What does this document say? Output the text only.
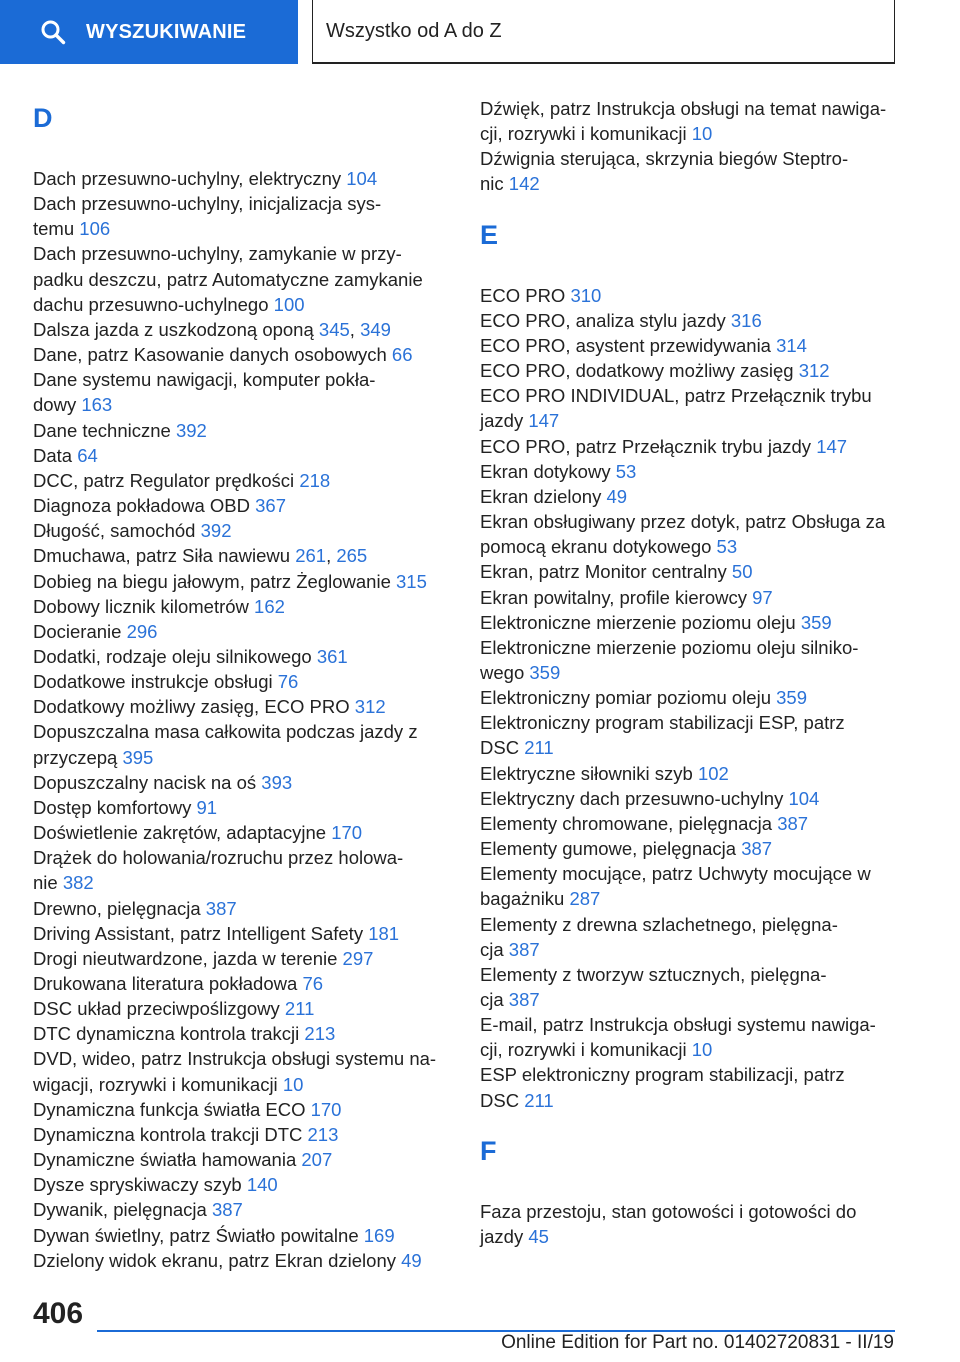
WYSZUKIWANIE	Wszystko od A do Z
D
Dach przesuwno-uchylny, elektryczny 104
Dach przesuwno-uchylny, inicjalizacja sys-
temu 106
Dach przesuwno-uchylny, zamykanie w przy-
padku deszczu, patrz Automatyczne zamykanie
dachu przesuwno-uchylnego 100
Dalsza jazda z uszkodzoną oponą 345, 349
Dane, patrz Kasowanie danych osobowych 66
Dane systemu nawigacji, komputer pokła-
dowy 163
Dane techniczne 392
Data 64
DCC, patrz Regulator prędkości 218
Diagnoza pokładowa OBD 367
Długość, samochód 392
Dmuchawa, patrz Siła nawiewu 261, 265
Dobieg na biegu jałowym, patrz Żeglowanie 315
Dobowy licznik kilometrów 162
Docieranie 296
Dodatki, rodzaje oleju silnikowego 361
Dodatkowe instrukcje obsługi 76
Dodatkowy możliwy zasięg, ECO PRO 312
Dopuszczalna masa całkowita podczas jazdy z
przyczepą 395
Dopuszczalny nacisk na oś 393
Dostęp komfortowy 91
Doświetlenie zakrętów, adaptacyjne 170
Drążek do holowania/rozruchu przez holowa-
nie 382
Drewno, pielęgnacja 387
Driving Assistant, patrz Intelligent Safety 181
Drogi nieutwardzone, jazda w terenie 297
Drukowana literatura pokładowa 76
DSC układ przeciwpoślizgowy 211
DTC dynamiczna kontrola trakcji 213
DVD, wideo, patrz Instrukcja obsługi systemu na-
wigacji, rozrywki i komunikacji 10
Dynamiczna funkcja światła ECO 170
Dynamiczna kontrola trakcji DTC 213
Dynamiczne światła hamowania 207
Dysze spryskiwaczy szyb 140
Dywanik, pielęgnacja 387
Dywan świetlny, patrz Światło powitalne 169
Dzielony widok ekranu, patrz Ekran dzielony 49
Dźwięk, patrz Instrukcja obsługi na temat nawiga-
cji, rozrywki i komunikacji 10
Dźwignia sterująca, skrzynia biegów Steptro-
nic 142
E
ECO PRO 310
ECO PRO, analiza stylu jazdy 316
ECO PRO, asystent przewidywania 314
ECO PRO, dodatkowy możliwy zasięg 312
ECO PRO INDIVIDUAL, patrz Przełącznik trybu
jazdy 147
ECO PRO, patrz Przełącznik trybu jazdy 147
Ekran dotykowy 53
Ekran dzielony 49
Ekran obsługiwany przez dotyk, patrz Obsługa za
pomocą ekranu dotykowego 53
Ekran, patrz Monitor centralny 50
Ekran powitalny, profile kierowcy 97
Elektroniczne mierzenie poziomu oleju 359
Elektroniczne mierzenie poziomu oleju silniko-
wego 359
Elektroniczny pomiar poziomu oleju 359
Elektroniczny program stabilizacji ESP, patrz
DSC 211
Elektryczne siłowniki szyb 102
Elektryczny dach przesuwno-uchylny 104
Elementy chromowane, pielęgnacja 387
Elementy gumowe, pielęgnacja 387
Elementy mocujące, patrz Uchwyty mocujące w
bagażniku 287
Elementy z drewna szlachetnego, pielęgna-
cja 387
Elementy z tworzyw sztucznych, pielęgna-
cja 387
E-mail, patrz Instrukcja obsługi systemu nawiga-
cji, rozrywki i komunikacji 10
ESP elektroniczny program stabilizacji, patrz
DSC 211
F
Faza przestoju, stan gotowości i gotowości do
jazdy 45
406
Online Edition for Part no. 01402720831 - II/19
